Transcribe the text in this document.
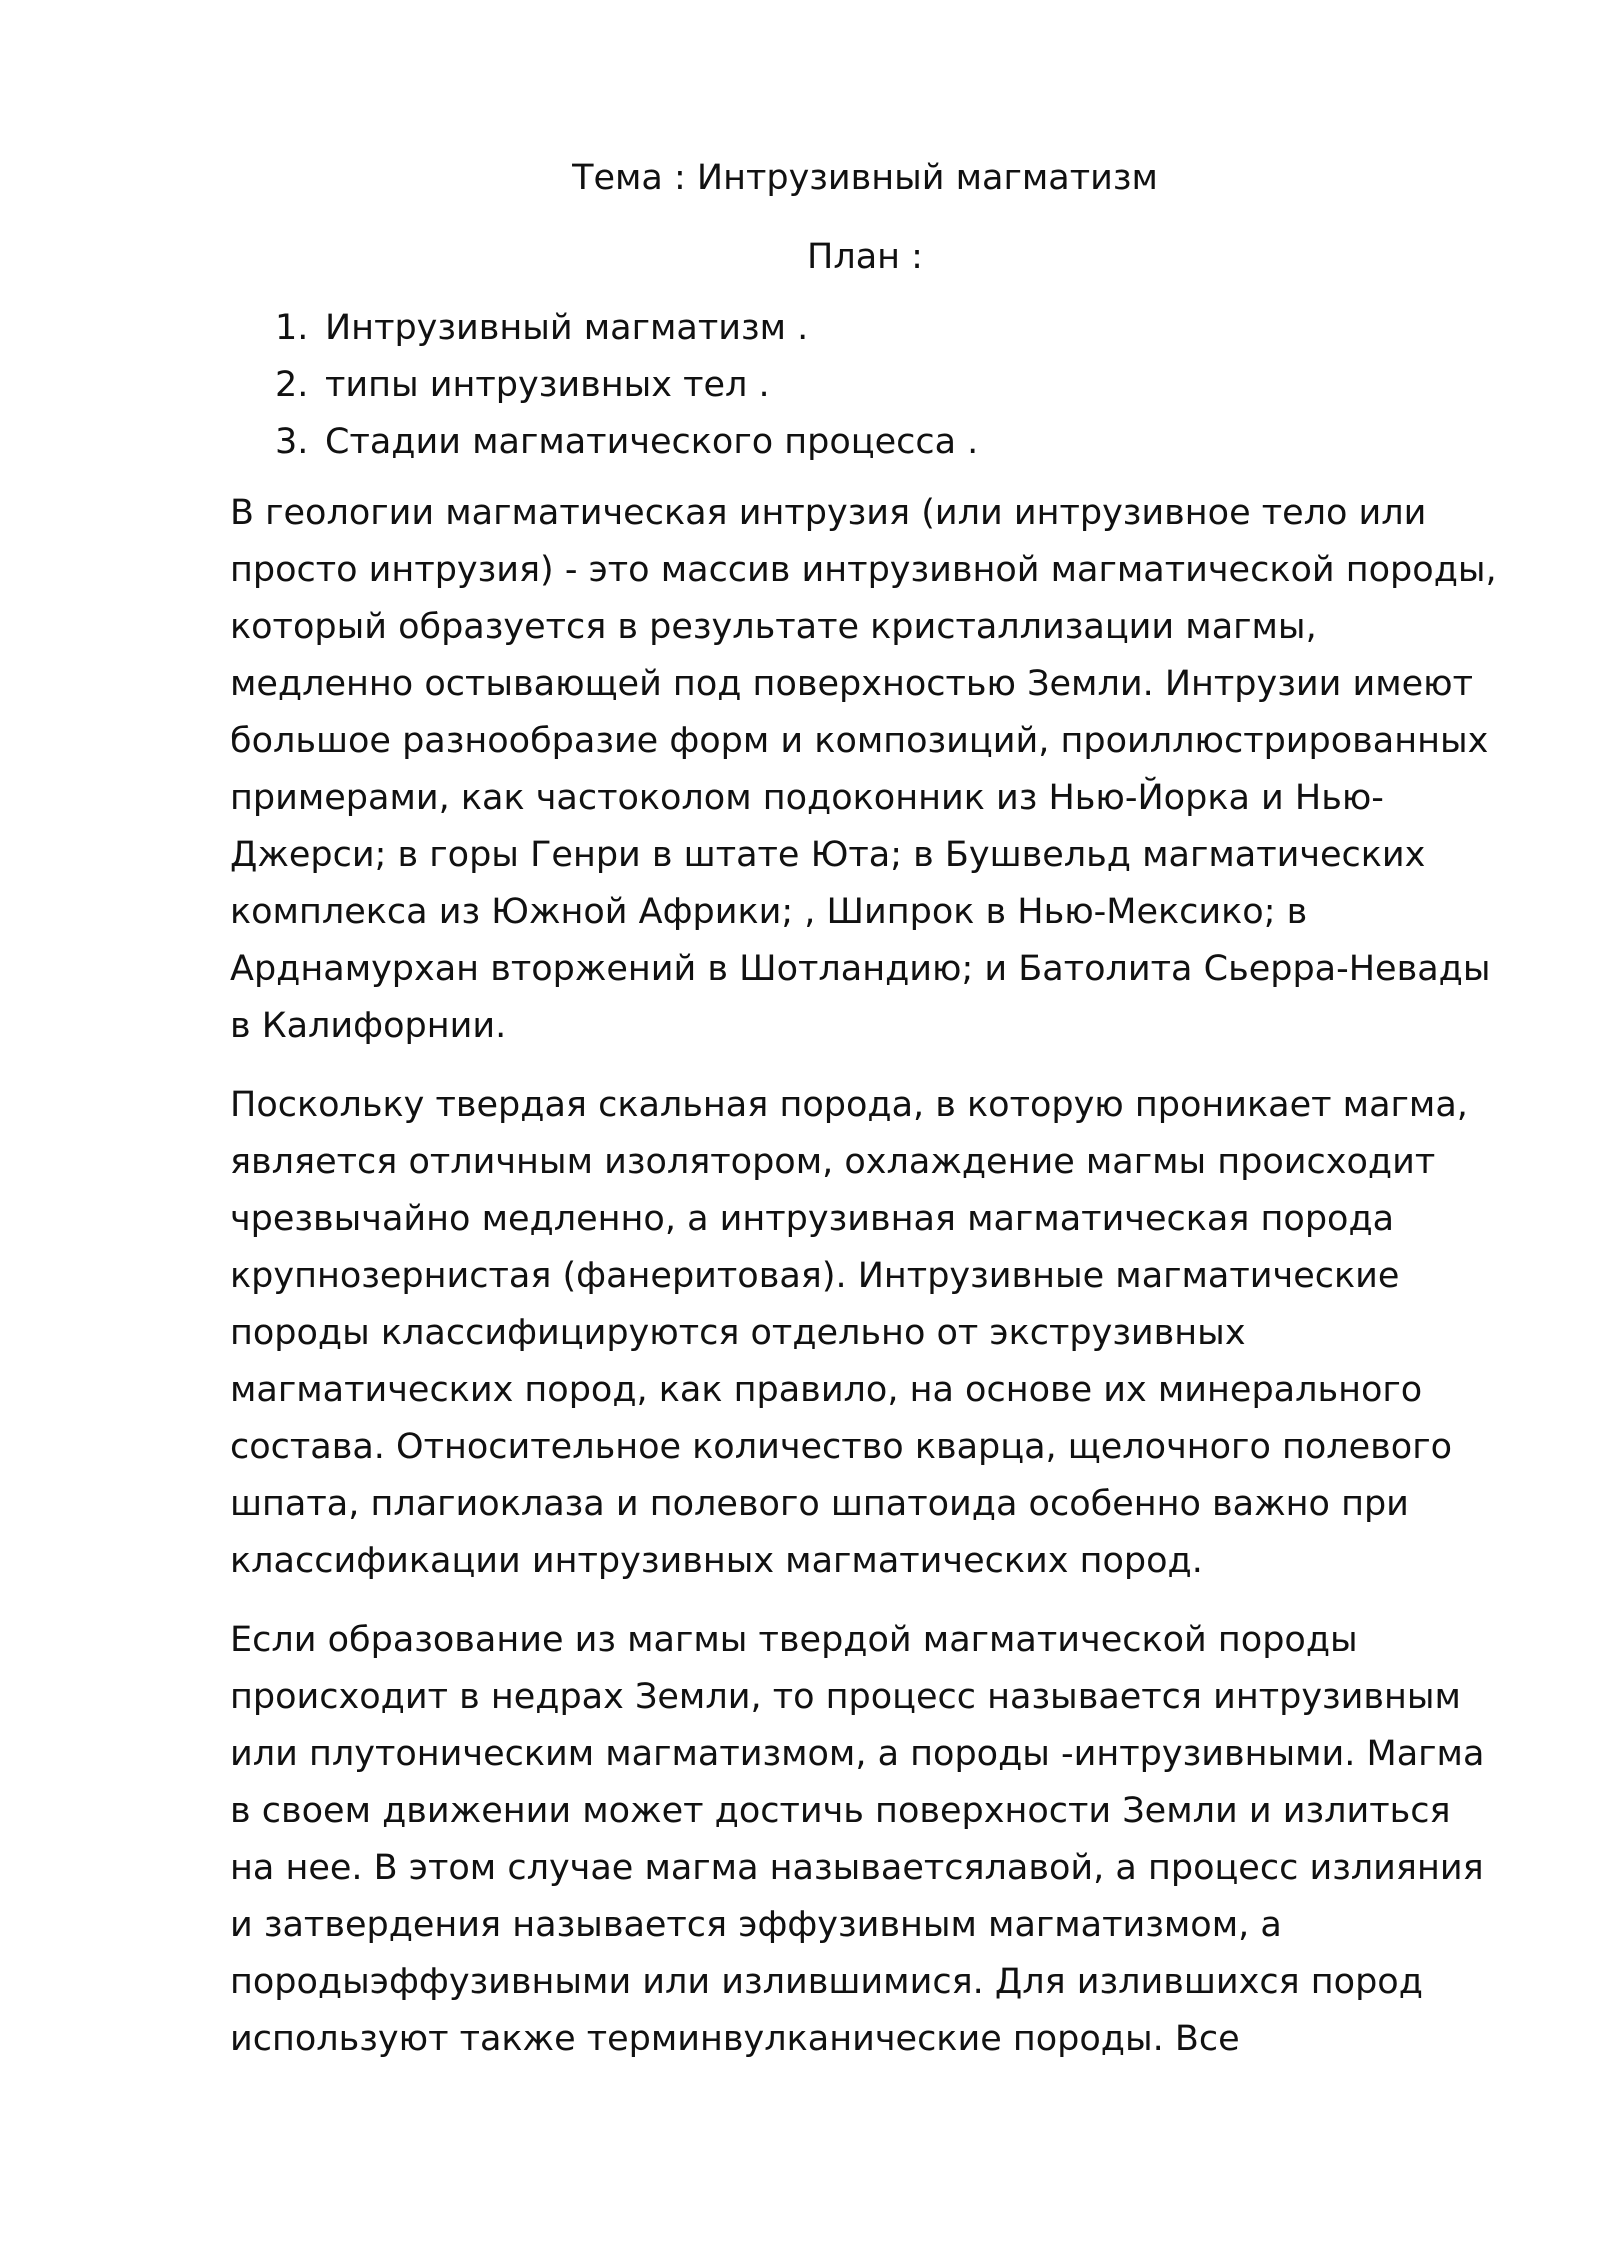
Тема : Интрузивный магматизм

План :

1. Интрузивный магматизм .
2. типы интрузивных тел .
3. Стадии магматического процесса .

В геологии магматическая интрузия (или интрузивное тело или просто интрузия) - это массив интрузивной магматической породы, который образуется в результате кристаллизации магмы, медленно остывающей под поверхностью Земли. Интрузии имеют большое разнообразие форм и композиций, проиллюстрированных примерами, как частоколом подоконник из Нью-Йорка и Нью-Джерси; в горы Генри в штате Юта; в Бушвельд магматических комплекса из Южной Африки; , Шипрок в Нью-Мексико; в Арднамурхан вторжений в Шотландию; и Батолита Сьерра-Невады в Калифорнии.

Поскольку твердая скальная порода, в которую проникает магма, является отличным изолятором, охлаждение магмы происходит чрезвычайно медленно, а интрузивная магматическая порода крупнозернистая (фанеритовая). Интрузивные магматические породы классифицируются отдельно от экструзивных магматических пород, как правило, на основе их минерального состава. Относительное количество кварца, щелочного полевого шпата, плагиоклаза и полевого шпатоида особенно важно при классификации интрузивных магматических пород.

Если образование из магмы твердой магматической породы происходит в недрах Земли, то процесс называется интрузивным или плутоническим магматизмом, а породы -интрузивными. Магма в своем движении может достичь поверхности Земли и излиться на нее. В этом случае магма называетсялавой, а процесс излияния и затвердения называется эффузивным магматизмом, а породыэффузивными или излившимися. Для излившихся пород используют также терминвулканические породы. Все
